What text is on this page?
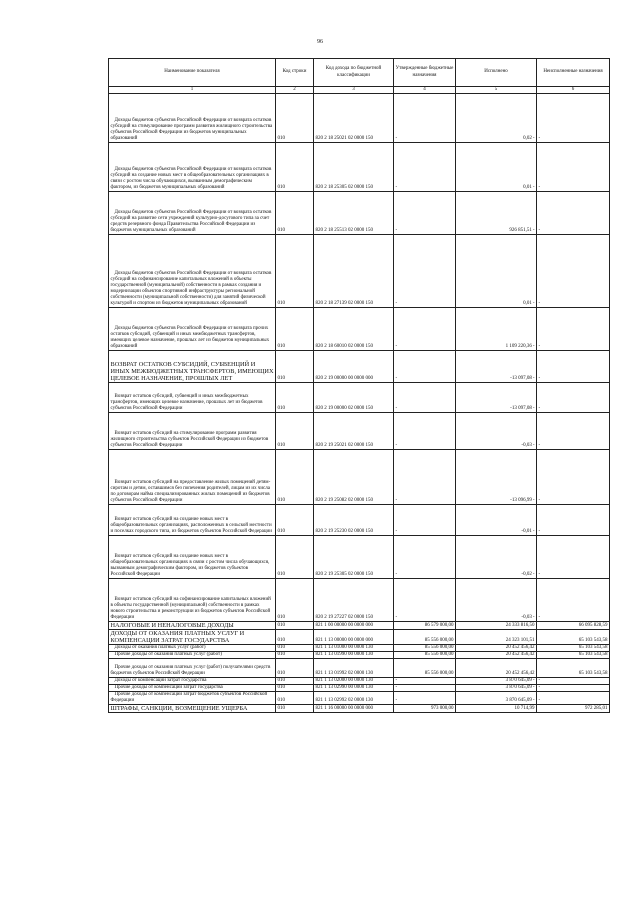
96
Наименование показателя	Код строки	Код дохода по бюджетной классификации	Утвержденные бюджетные назначения	Исполнено	Неисполненные назначения
1	2	3	4	5	6

Доходы бюджетов субъектов Российской Федерации от возврата остатков субсидий на стимулирование программ развития жилищного строительства субъектов Российской Федерации из бюджетов муниципальных образований	010	820 2 18 25021 02 0000 150	-	0,02 -	-

Доходы бюджетов субъектов Российской Федерации от возврата остатков субсидий на создание новых мест в общеобразовательных организациях в связи с ростом числа обучающихся, вызванным демографическим фактором, из бюджетов муниципальных образований	010	820 2 18 25305 02 0000 150	-	0,01 -	-

Доходы бюджетов субъектов Российской Федерации от возврата остатков субсидий на развитие сети учреждений культурно-досугового типа за счет средств резервного фонда Правительства Российской Федерации из бюджетов муниципальных образований	010	820 2 18 25513 02 0000 150	-	926 851,51 -	-

Доходы бюджетов субъектов Российской Федерации от возврата остатков субсидий на софинансирование капитальных вложений в объекты государственной (муниципальной) собственности в рамках создания и модернизации объектов спортивной инфраструктуры региональной собственности (муниципальной собственности) для занятий физической культурой и спортом из бюджетов муниципальных образований	010	820 2 18 27139 02 0000 150	-	0,01 -	-

Доходы бюджетов субъектов Российской Федерации от возврата прочих остатков субсидий, субвенций и иных межбюджетных трансфертов, имеющих целевое назначение, прошлых лет из бюджетов муниципальных образований	010	820 2 18 60010 02 0000 150	-	1 109 220,36 -	-

ВОЗВРАТ ОСТАТКОВ СУБСИДИЙ, СУБВЕНЦИЙ И ИНЫХ МЕЖБЮДЖЕТНЫХ ТРАНСФЕРТОВ, ИМЕЮЩИХ ЦЕЛЕВОЕ НАЗНАЧЕНИЕ, ПРОШЛЫХ ЛЕТ	010	820 2 19 00000 00 0000 000	-	-13 097,08 -	-

Возврат остатков субсидий, субвенций и иных межбюджетных трансфертов, имеющих целевое назначение, прошлых лет из бюджетов субъектов Российской Федерации	010	820 2 19 00000 02 0000 150	-	-13 097,08 -	-

Возврат остатков субсидий на стимулирование программ развития жилищного строительства субъектов Российской Федерации из бюджетов субъектов Российской Федерации	010	820 2 19 25021 02 0000 150	-	-0,03 -	-

Возврат остатков субсидий на предоставление жилых помещений детям-сиротам и детям, оставшимся без попечения родителей, лицам из их числа по договорам найма специализированных жилых помещений из бюджетов субъектов Российской Федерации	010	820 2 19 25082 02 0000 150	-	-13 096,99 -	-

Возврат остатков субсидий на создание новых мест в общеобразовательных организациях, расположенных в сельской местности и поселках городского типа, из бюджетов субъектов Российской Федерации	010	820 2 19 25230 02 0000 150	-	-0,01 -	-

Возврат остатков субсидий на создание новых мест в общеобразовательных организациях в связи с ростом числа обучающихся, вызванным демографическим фактором, из бюджетов субъектов Российской Федерации	010	820 2 19 25305 02 0000 150	-	-0,02 -	-

Возврат остатков субсидий на софинансирование капитальных вложений в объекты государственной (муниципальной) собственности в рамках нового строительства и реконструкции из бюджетов субъектов Российской Федерации	010	820 2 19 27227 02 0000 150	-	-0,03 -	-

НАЛОГОВЫЕ И НЕНАЛОГОВЫЕ ДОХОДЫ	010	821 1 00 00000 00 0000 000	86 579 000,00	24 333 816,50	66 095 828,59

ДОХОДЫ ОТ ОКАЗАНИЯ ПЛАТНЫХ УСЛУГ И КОМПЕНСАЦИИ ЗАТРАТ ГОСУДАРСТВА	010	821 1 13 00000 00 0000 000	85 556 000,00	24 323 101,51	65 103 543,58

Доходы от оказания платных услуг (работ)	010	821 1 13 01000 00 0000 130	85 556 000,00	20 452 456,42	65 103 543,58

Прочие доходы от оказания платных услуг (работ)	010	821 1 13 01990 00 0000 130	85 556 000,00	20 452 456,42	65 103 543,58

Прочие доходы от оказания платных услуг (работ) получателями средств бюджетов субъектов Российской Федерации	010	821 1 13 01992 02 0000 130	85 556 000,00	20 452 456,42	65 103 543,58

Доходы от компенсации затрат государства	010	821 1 13 02000 00 0000 130	-	3 870 645,09 -	-

Прочие доходы от компенсации затрат государства	010	821 1 13 02990 00 0000 130	-	3 870 645,09 -	-

Прочие доходы от компенсации затрат бюджетов субъектов Российской Федерации	010	821 1 13 02992 02 0000 130	-	3 870 645,09 -	-

ШТРАФЫ, САНКЦИИ, ВОЗМЕЩЕНИЕ УЩЕРБА	010	821 1 16 00000 00 0000 000	973 000,00	10 714,99	972 285,01
